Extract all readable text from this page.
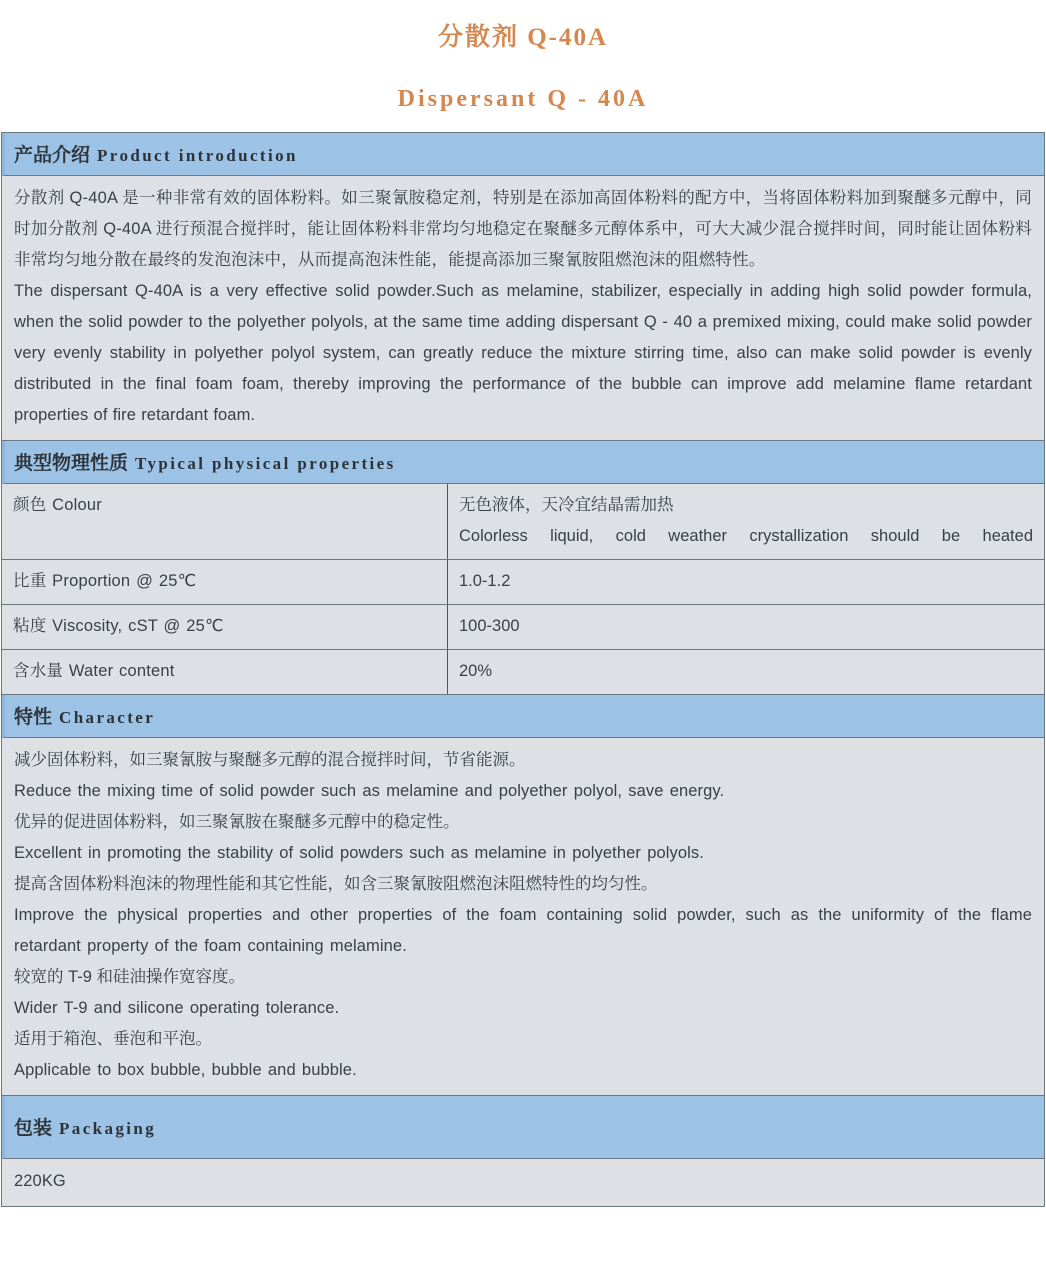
分散剂 Q-40A
Dispersant Q - 40A
产品介绍 Product introduction

分散剂 Q-40A 是一种非常有效的固体粉料。如三聚氰胺稳定剂，特别是在添加高固体粉料的配方中，当将固体粉料加到聚醚多元醇中，同时加分散剂 Q-40A 进行预混合搅拌时，能让固体粉料非常均匀地稳定在聚醚多元醇体系中，可大大减少混合搅拌时间，同时能让固体粉料非常均匀地分散在最终的发泡泡沫中，从而提高泡沫性能，能提高添加三聚氰胺阻燃泡沫的阻燃特性。

The dispersant Q-40A is a very effective solid powder.Such as melamine, stabilizer, especially in adding high solid powder formula, when the solid powder to the polyether polyols, at the same time adding dispersant Q - 40 a premixed mixing, could make solid powder very evenly stability in polyether polyol system, can greatly reduce the mixture stirring time, also can make solid powder is evenly distributed in the final foam foam, thereby improving the performance of the bubble can improve add melamine flame retardant properties of fire retardant foam.

典型物理性质 Typical physical properties
颜色 Colour	无色液体，天冷宜结晶需加热
Colorless liquid, cold weather crystallization should be heated

比重 Proportion @ 25℃	1.0-1.2
粘度 Viscosity, cST @ 25℃	100-300
含水量 Water content	20%
特性 Character

减少固体粉料，如三聚氰胺与聚醚多元醇的混合搅拌时间，节省能源。

Reduce the mixing time of solid powder such as melamine and polyether polyol, save energy.

优异的促进固体粉料，如三聚氰胺在聚醚多元醇中的稳定性。

Excellent in promoting the stability of solid powders such as melamine in polyether polyols.

提高含固体粉料泡沫的物理性能和其它性能，如含三聚氰胺阻燃泡沫阻燃特性的均匀性。

Improve the physical properties and other properties of the foam containing solid powder, such as the uniformity of the flame retardant property of the foam containing melamine.

较宽的 T-9 和硅油操作宽容度。

Wider T-9 and silicone operating tolerance.

适用于箱泡、垂泡和平泡。

Applicable to box bubble, bubble and bubble.

包装 Packaging

220KG
